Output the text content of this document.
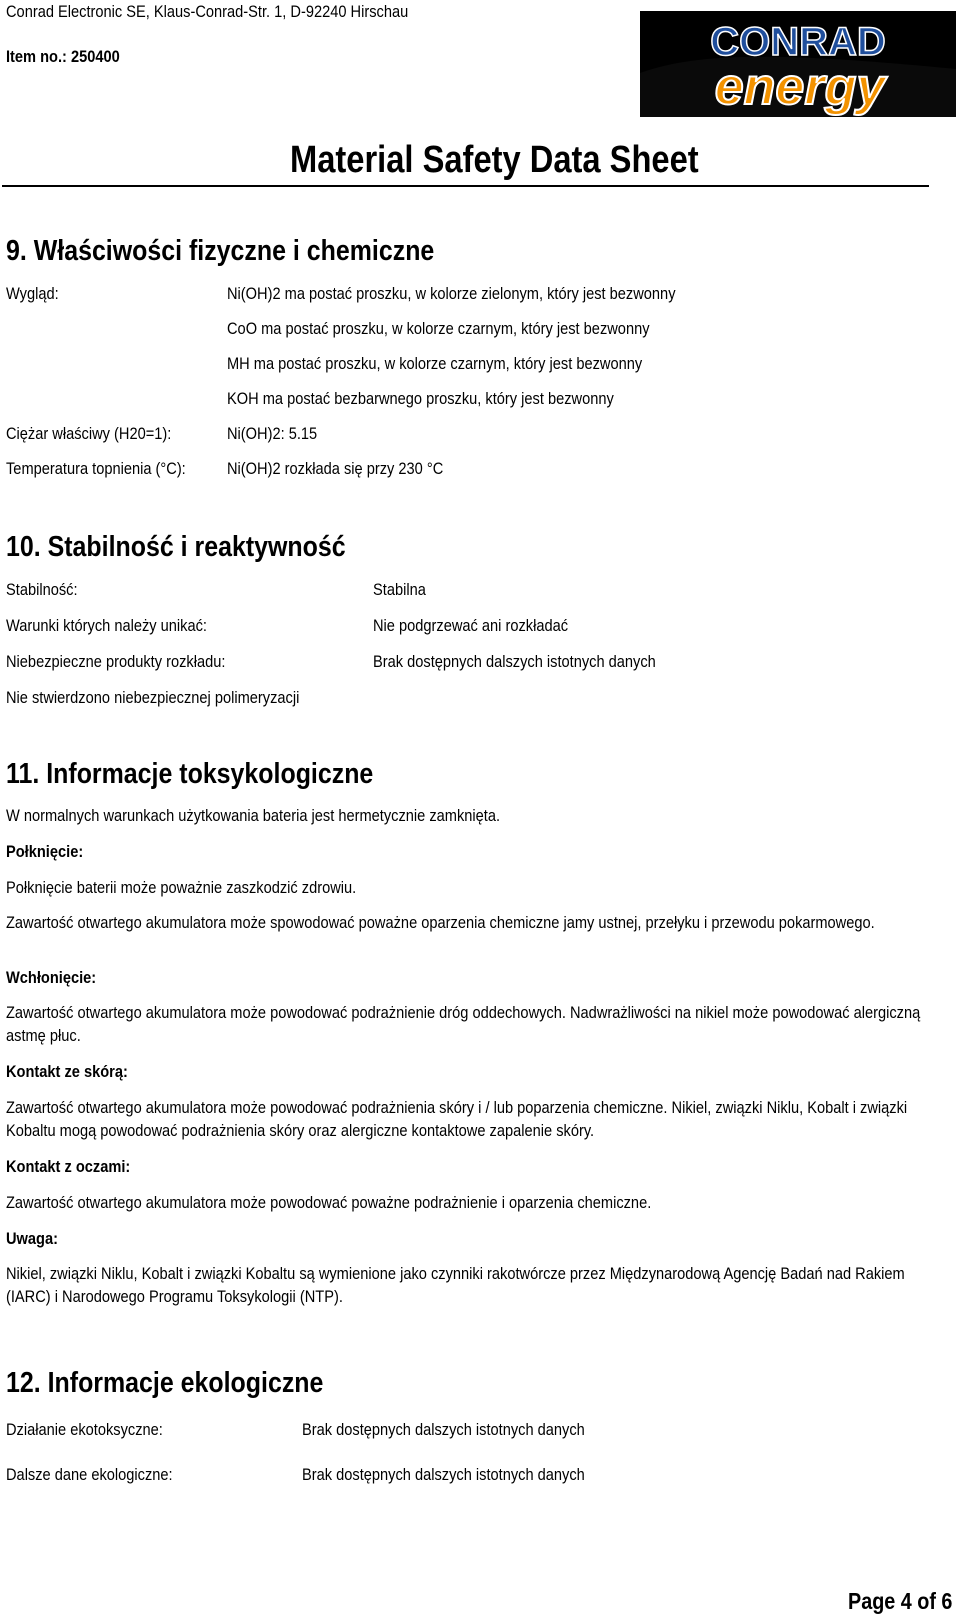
Conrad Electronic SE, Klaus-Conrad-Str. 1, D-92240 Hirschau
Item no.: 250400	CONRAD
energy
Material Safety Data Sheet
9. Właściwości fizyczne i chemiczne
Wygląd:	Ni(OH)2 ma postać proszku, w kolorze zielonym, który jest bezwonny
CoO ma postać proszku, w kolorze czarnym, który jest bezwonny
MH ma postać proszku, w kolorze czarnym, który jest bezwonny
KOH ma postać bezbarwnego proszku, który jest bezwonny
Ciężar właściwy (H20=1):	Ni(OH)2: 5.15
Temperatura topnienia (°C):	Ni(OH)2 rozkłada się przy 230 °C
10. Stabilność i reaktywność
Stabilność:	Stabilna
Warunki których należy unikać:	Nie podgrzewać ani rozkładać
Niebezpieczne produkty rozkładu:	Brak dostępnych dalszych istotnych danych
Nie stwierdzono niebezpiecznej polimeryzacji
11. Informacje toksykologiczne
W normalnych warunkach użytkowania bateria jest hermetycznie zamknięta.
Połknięcie:
Połknięcie baterii może poważnie zaszkodzić zdrowiu.
Zawartość otwartego akumulatora może spowodować poważne oparzenia chemiczne jamy ustnej, przełyku i przewodu pokarmowego.
Wchłonięcie:
Zawartość otwartego akumulatora może powodować podrażnienie dróg oddechowych. Nadwrażliwości na nikiel może powodować alergiczną astmę płuc.
Kontakt ze skórą:
Zawartość otwartego akumulatora może powodować podrażnienia skóry i / lub poparzenia chemiczne. Nikiel, związki Niklu, Kobalt i związki Kobaltu mogą powodować podrażnienia skóry oraz alergiczne kontaktowe zapalenie skóry.
Kontakt z oczami:
Zawartość otwartego akumulatora może powodować poważne podrażnienie i oparzenia chemiczne.
Uwaga:
Nikiel, związki Niklu, Kobalt i związki Kobaltu są wymienione jako czynniki rakotwórcze przez Międzynarodową Agencję Badań nad Rakiem (IARC) i Narodowego Programu Toksykologii (NTP).
12. Informacje ekologiczne
Działanie ekotoksyczne:	Brak dostępnych dalszych istotnych danych
Dalsze dane ekologiczne:	Brak dostępnych dalszych istotnych danych
Page 4 of 6
